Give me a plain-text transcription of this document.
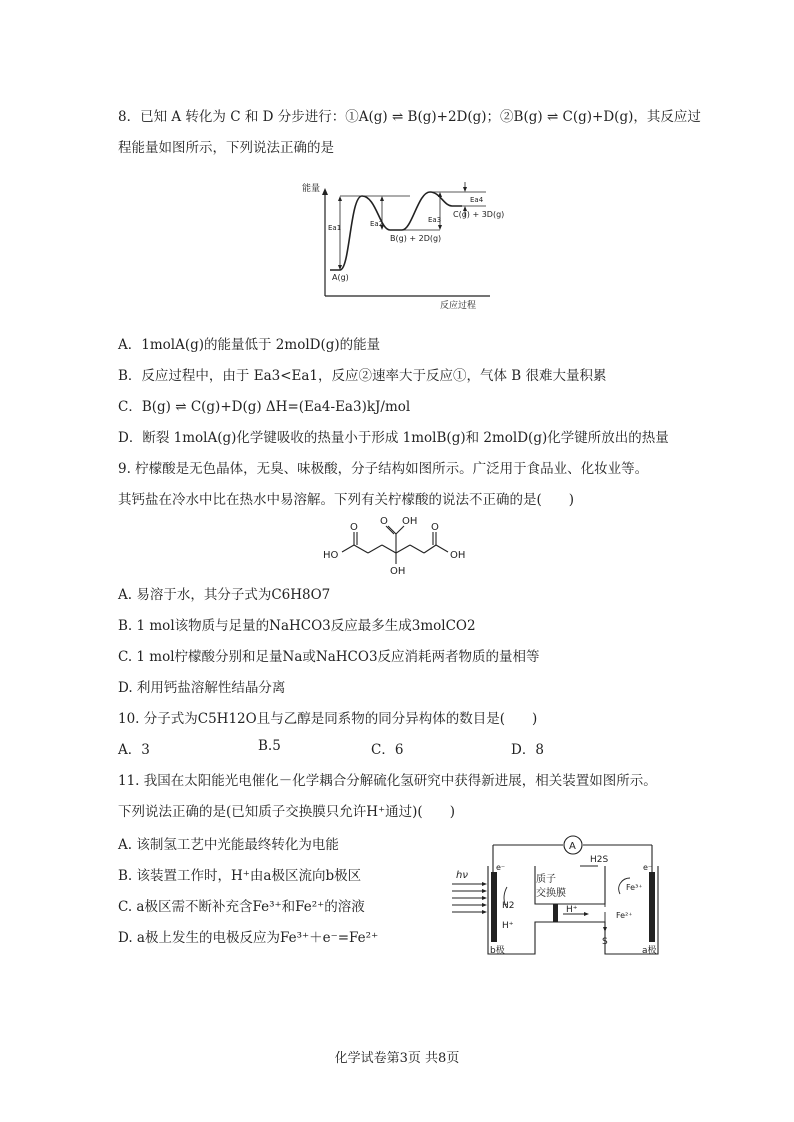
8．已知 A 转化为 C 和 D 分步进行：①A(g) ⇌ B(g)+2D(g)；②B(g) ⇌ C(g)+D(g)，其反应过
程能量如图所示，下列说法正确的是
能量
反应过程
Ea1	Ea2	Ea3
Ea4
A(g)
B(g) + 2D(g)
C(g) + 3D(g)
A．1molA(g)的能量低于 2molD(g)的能量
B．反应过程中，由于 Ea3<Ea1，反应②速率大于反应①，气体 B 很难大量积累
C．B(g) ⇌ C(g)+D(g) ΔH=(Ea4-Ea3)kJ/mol
D．断裂 1molA(g)化学键吸收的热量小于形成 1molB(g)和 2molD(g)化学键所放出的热量
9. 柠檬酸是无色晶体，无臭、味极酸，分子结构如图所示。广泛用于食品业、化妆业等。
其钙盐在冷水中比在热水中易溶解。下列有关柠檬酸的说法不正确的是(　　)
HO	OH
O	O
O OH
OH
A. 易溶于水，其分子式为C6H8O7
B. 1 mol该物质与足量的NaHCO3反应最多生成3molCO2
C. 1 mol柠檬酸分别和足量Na或NaHCO3反应消耗两者物质的量相等
D. 利用钙盐溶解性结晶分离
10. 分子式为C5H12O且与乙醇是同系物的同分异构体的数目是(　　)
A．3	B.5	C．6	D．8
11. 我国在太阳能光电催化－化学耦合分解硫化氢研究中获得新进展，相关装置如图所示。
下列说法正确的是(已知质子交换膜只允许H⁺通过)(　　)
A. 该制氢工艺中光能最终转化为电能
B. 该装置工作时，H⁺由a极区流向b极区
C. a极区需不断补充含Fe³⁺和Fe²⁺的溶液
D. a极上发生的电极反应为Fe³⁺＋e⁻=Fe²⁺
A
hν
e⁻	e⁻
H2
H⁺
质子
交换膜
H⁺
H2S
S
Fe³⁺
Fe²⁺
b极	a极
化学试卷第3页 共8页
